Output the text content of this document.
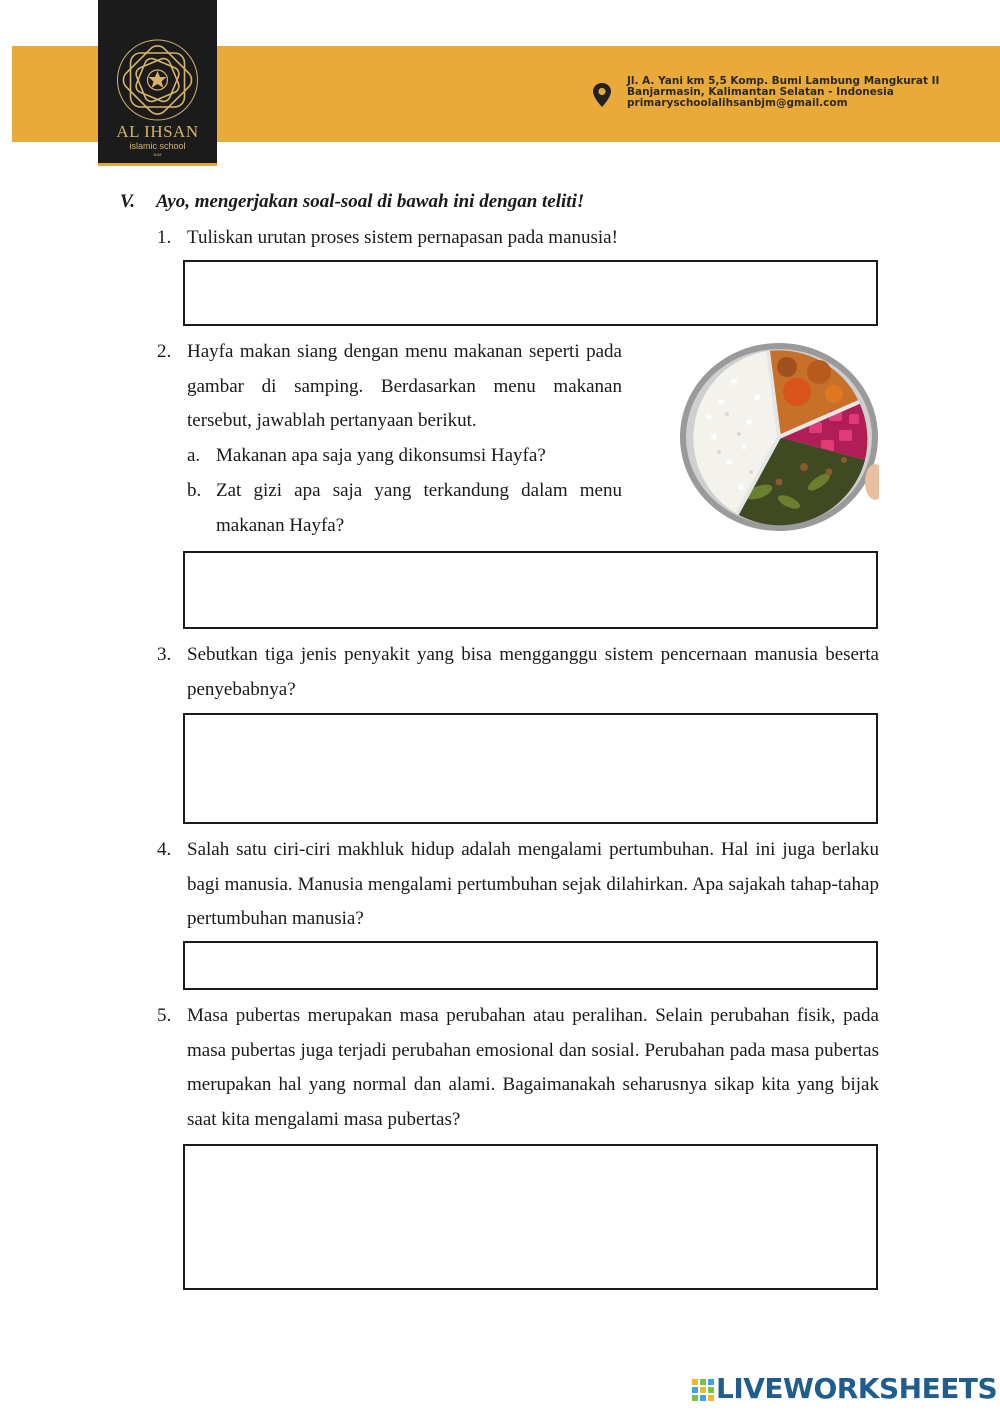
AL IHSAN
islamic school
BJM
Jl. A. Yani km 5,5 Komp. Bumi Lambung Mangkurat II
Banjarmasin, Kalimantan Selatan - Indonesia
primaryschoolalihsanbjm@gmail.com
V. Ayo, mengerjakan soal-soal di bawah ini dengan teliti!
1. Tuliskan urutan proses sistem pernapasan pada manusia!
2. Hayfa makan siang dengan menu makanan seperti pada gambar di samping. Berdasarkan menu makanan tersebut, jawablah pertanyaan berikut.
a. Makanan apa saja yang dikonsumsi Hayfa?
b. Zat gizi apa saja yang terkandung dalam menu makanan Hayfa?
3. Sebutkan tiga jenis penyakit yang bisa mengganggu sistem pencernaan manusia beserta penyebabnya?
4. Salah satu ciri-ciri makhluk hidup adalah mengalami pertumbuhan. Hal ini juga berlaku bagi manusia. Manusia mengalami pertumbuhan sejak dilahirkan. Apa sajakah tahap-tahap pertumbuhan manusia?
5. Masa pubertas merupakan masa perubahan atau peralihan. Selain perubahan fisik, pada masa pubertas juga terjadi perubahan emosional dan sosial. Perubahan pada masa pubertas merupakan hal yang normal dan alami. Bagaimanakah seharusnya sikap kita yang bijak saat kita mengalami masa pubertas?
LIVEWORKSHEETS
